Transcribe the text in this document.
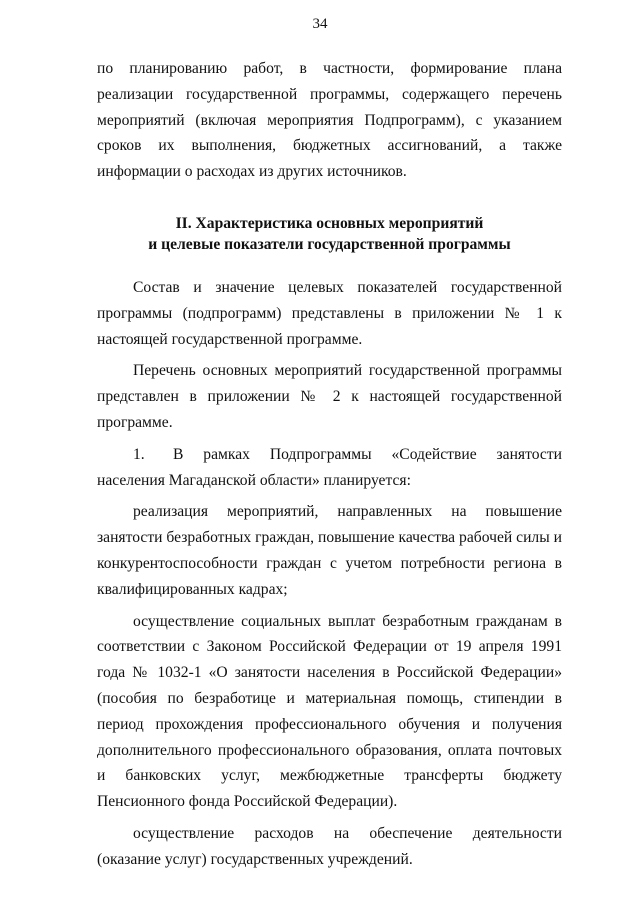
34

по планированию работ, в частности, формирование плана реализации государственной программы, содержащего перечень мероприятий (включая мероприятия Подпрограмм), с указанием сроков их выполнения, бюджетных ассигнований, а также информации о расходах из других источников.

II. Характеристика основных мероприятий
и целевые показатели государственной программы

Состав и значение целевых показателей государственной программы (подпрограмм) представлены в приложении № 1 к настоящей государственной программе.

Перечень основных мероприятий государственной программы представлен в приложении № 2 к настоящей государственной программе.

1. В рамках Подпрограммы «Содействие занятости населения Магаданской области» планируется:

реализация мероприятий, направленных на повышение занятости безработных граждан, повышение качества рабочей силы и конкурентоспособности граждан с учетом потребности региона в квалифицированных кадрах;

осуществление социальных выплат безработным гражданам в соответствии с Законом Российской Федерации от 19 апреля 1991 года № 1032-1 «О занятости населения в Российской Федерации» (пособия по безработице и материальная помощь, стипендии в период прохождения профессионального обучения и получения дополнительного профессионального образования, оплата почтовых и банковских услуг, межбюджетные трансферты бюджету Пенсионного фонда Российской Федерации).

осуществление расходов на обеспечение деятельности (оказание услуг) государственных учреждений.
